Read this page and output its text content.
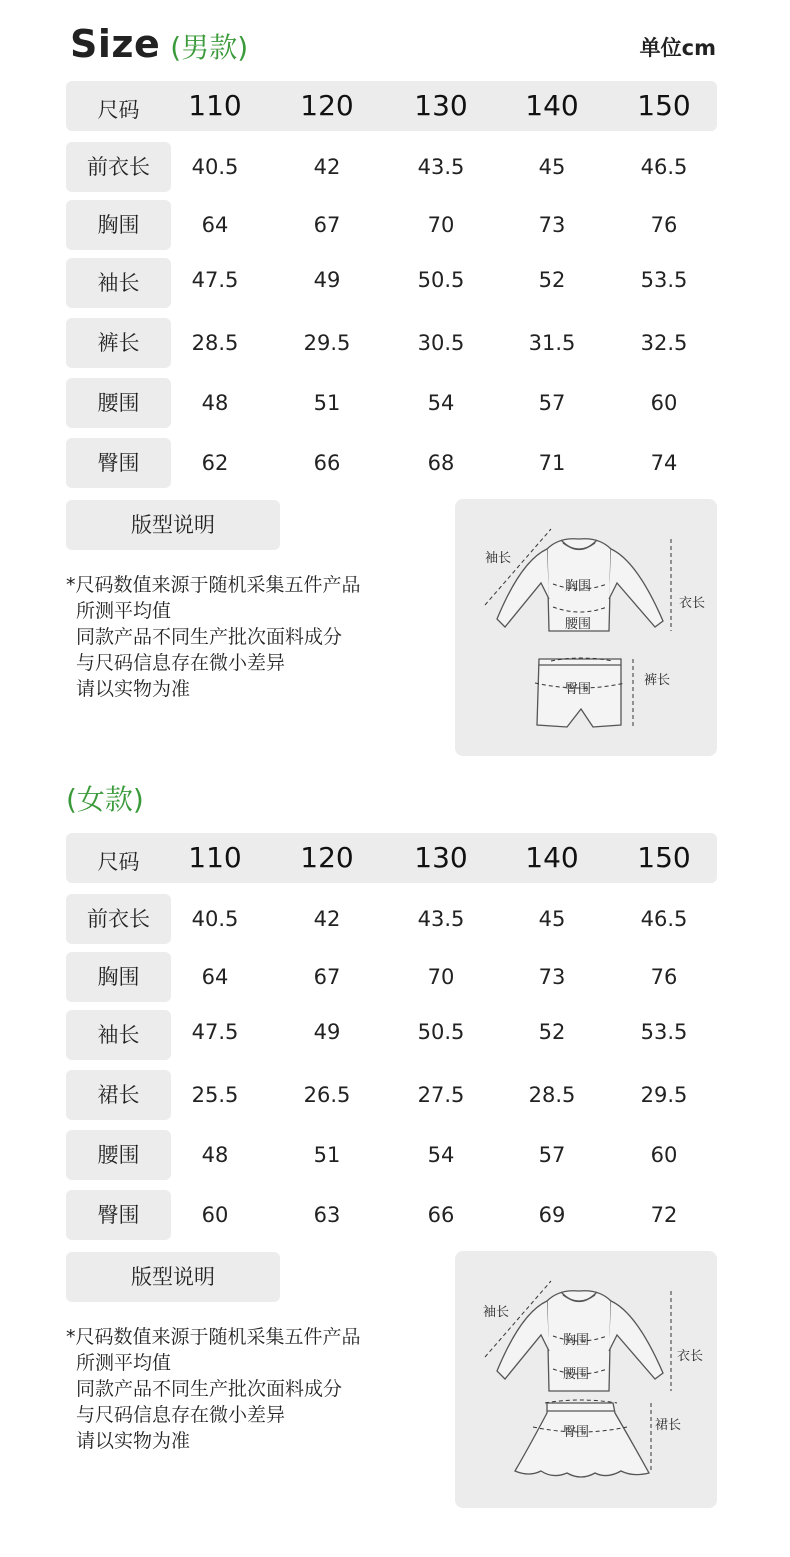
Size (男款)	单位cm
尺码	110	120	130	140	150
前衣长	40.5	42	43.5	45	46.5
胸围	64	67	70	73	76
袖长	47.5	49	50.5	52	53.5
裤长	28.5	29.5	30.5	31.5	32.5
腰围	48	51	54	57	60
臀围	62	66	68	71	74
版型说明
*尺码数值来源于随机采集五件产品
所测平均值
同款产品不同生产批次面料成分
与尺码信息存在微小差异
请以实物为准
袖长
胸围
腰围
衣长
裤长
臀围
(女款)
尺码	110	120	130	140	150
前衣长	40.5	42	43.5	45	46.5
胸围	64	67	70	73	76
袖长	47.5	49	50.5	52	53.5
裙长	25.5	26.5	27.5	28.5	29.5
腰围	48	51	54	57	60
臀围	60	63	66	69	72
版型说明
*尺码数值来源于随机采集五件产品
所测平均值
同款产品不同生产批次面料成分
与尺码信息存在微小差异
请以实物为准
袖长
胸围
腰围
衣长
裙长
臀围
